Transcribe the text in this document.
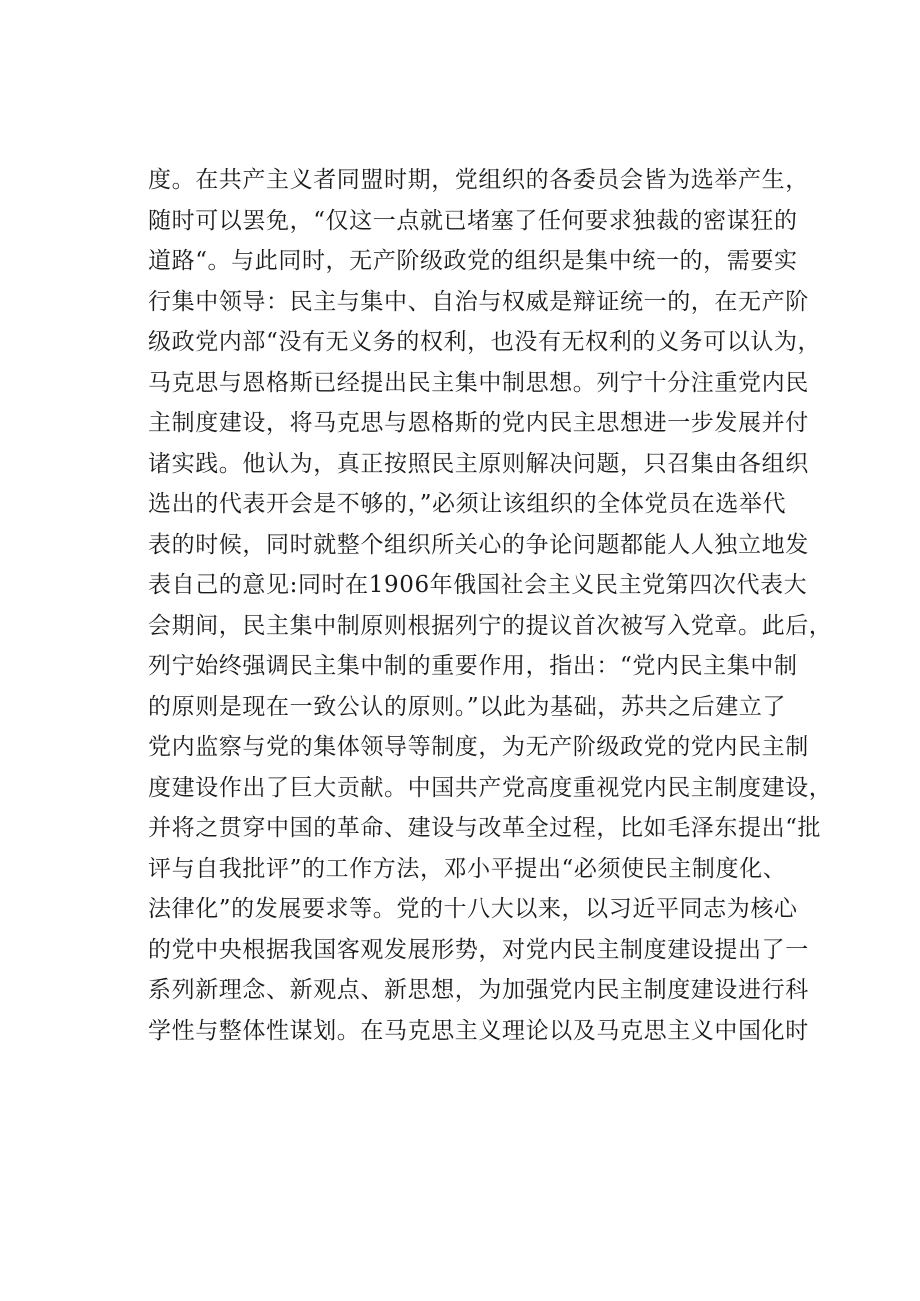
度。在共产主义者同盟时期，党组织的各委员会皆为选举产生，
随时可以罢免，“仅这一点就已堵塞了任何要求独裁的密谋狂的
道路“。与此同时，无产阶级政党的组织是集中统一的，需要实
行集中领导：民主与集中、自治与权威是辩证统一的，在无产阶
级政党内部“没有无义务的权利，也没有无权利的义务可以认为，
马克思与恩格斯已经提出民主集中制思想。列宁十分注重党内民
主制度建设，将马克思与恩格斯的党内民主思想进一步发展并付
诸实践。他认为，真正按照民主原则解决问题，只召集由各组织
选出的代表开会是不够的，”必须让该组织的全体党员在选举代
表的时候，同时就整个组织所关心的争论问题都能人人独立地发
表自己的意见:同时在1906年俄国社会主义民主党第四次代表大
会期间，民主集中制原则根据列宁的提议首次被写入党章。此后，
列宁始终强调民主集中制的重要作用，指出：“党内民主集中制
的原则是现在一致公认的原则。”以此为基础，苏共之后建立了
党内监察与党的集体领导等制度，为无产阶级政党的党内民主制
度建设作出了巨大贡献。中国共产党高度重视党内民主制度建设，
并将之贯穿中国的革命、建设与改革全过程，比如毛泽东提出“批
评与自我批评”的工作方法，邓小平提出“必须使民主制度化、
法律化”的发展要求等。党的十八大以来，以习近平同志为核心
的党中央根据我国客观发展形势，对党内民主制度建设提出了一
系列新理念、新观点、新思想，为加强党内民主制度建设进行科
学性与整体性谋划。在马克思主义理论以及马克思主义中国化时
